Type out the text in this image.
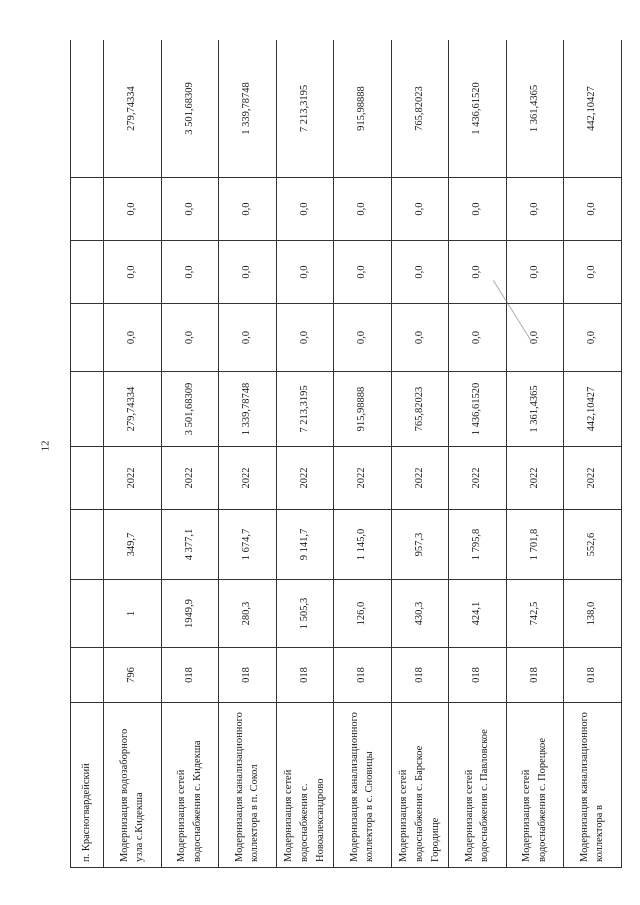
12
п. Красногвардейский									
Модернизация водозаборного узла с.Кидекша	796	1	349,7	2022	279,74334	0,0	0,0	0,0	279,74334
Модернизация сетей водоснабжения с. Кидекша	018	1949,9	4 377,1	2022	3 501,68309	0,0	0,0	0,0	3 501,68309
Модернизация канализационного коллектора в п. Сокол	018	280,3	1 674,7	2022	1 339,78748	0,0	0,0	0,0	1 339,78748
Модернизация сетей водоснабжения с. Новоалександрово	018	1 505,3	9 141,7	2022	7 213,3195	0,0	0,0	0,0	7 213,3195
Модернизация канализационного коллектора в с. Сновицы	018	126,0	1 145,0	2022	915,98888	0,0	0,0	0,0	915,98888
Модернизация сетей водоснабжения с. Барское Городище	018	430,3	957,3	2022	765,82023	0,0	0,0	0,0	765,82023
Модернизация сетей водоснабжения с. Павловское	018	424,1	1 795,8	2022	1 436,61520	0,0	0,0	0,0	1 436,61520
Модернизация сетей водоснабжения с. Порецкое	018	742,5	1 701,8	2022	1 361,4365	0,0	0,0	0,0	1 361,4365
Модернизация канализационного коллектора в	018	138,0	552,6	2022	442,10427	0,0	0,0	0,0	442,10427
